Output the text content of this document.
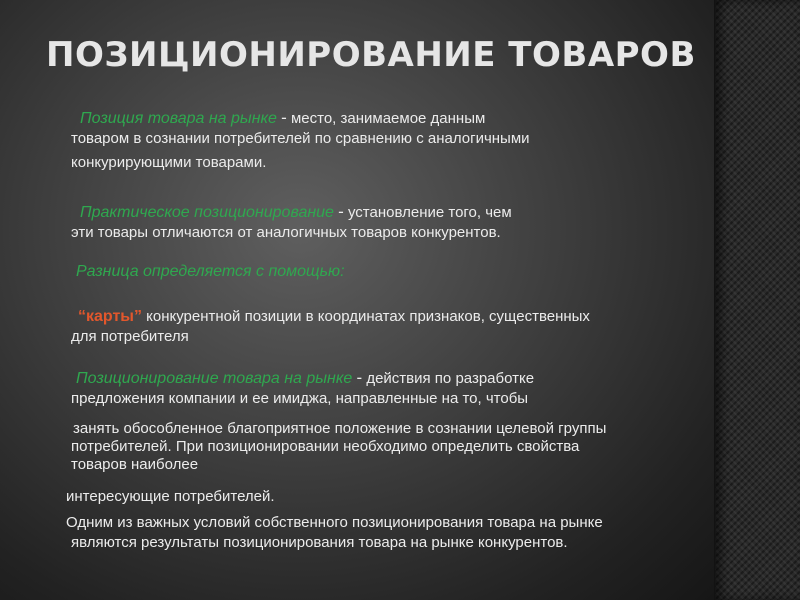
ПОЗИЦИОНИРОВАНИЕ ТОВАРОВ
Позиция товара на рынке - место, занимаемое данным
товаром в сознании потребителей по сравнению с аналогичными
конкурирующими товарами.
Практическое позиционирование - установление того, чем
эти товары отличаются от аналогичных товаров конкурентов.
Разница определяется с помощью:
“карты” конкурентной позиции в координатах признаков, существенных
для потребителя
Позиционирование товара на рынке - действия по разработке
предложения компании и ее имиджа, направленные на то, чтобы
занять обособленное благоприятное положение в сознании целевой группы
потребителей. При позиционировании необходимо определить свойства
товаров наиболее
интересующие потребителей.
Одним из важных условий собственного позиционирования товара на рынке
являются результаты позиционирования товара на рынке конкурентов.
